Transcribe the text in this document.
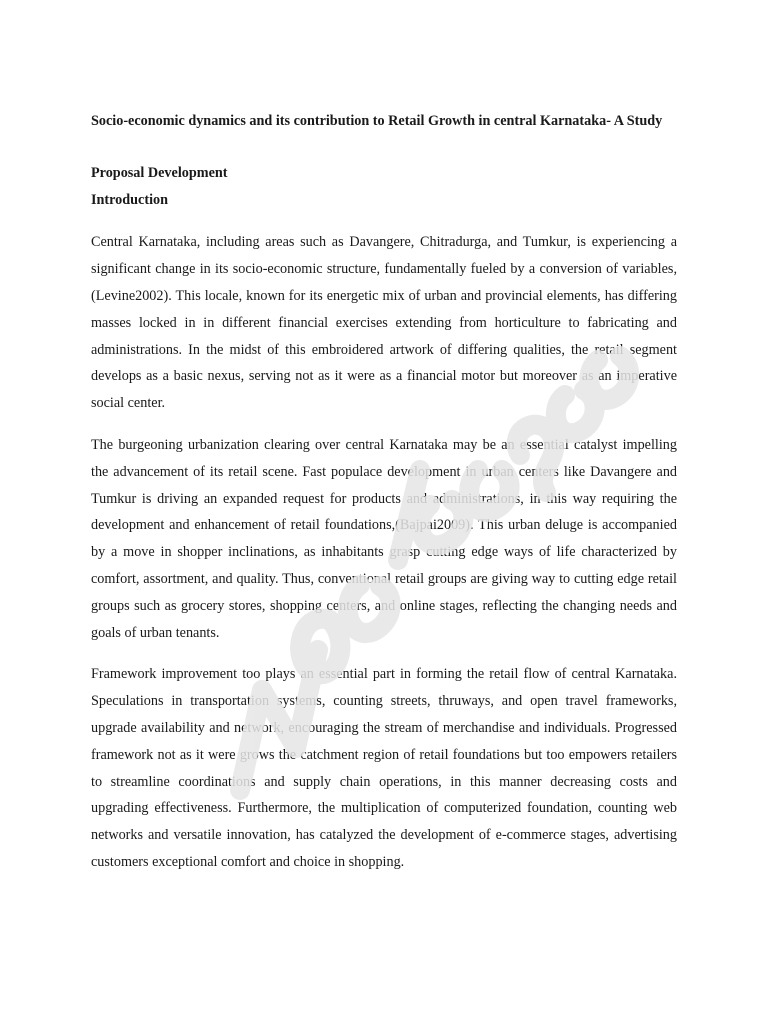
Socio-economic dynamics and its contribution to Retail Growth in central Karnataka- A Study

Proposal Development

Introduction

Central Karnataka, including areas such as Davangere, Chitradurga, and Tumkur, is experiencing a significant change in its socio-economic structure, fundamentally fueled by a conversion of variables,(Levine2002). This locale, known for its energetic mix of urban and provincial elements, has differing masses locked in in different financial exercises extending from horticulture to fabricating and administrations. In the midst of this embroidered artwork of differing qualities, the retail segment develops as a basic nexus, serving not as it were as a financial motor but moreover as an imperative social center.

The burgeoning urbanization clearing over central Karnataka may be an essential catalyst impelling the advancement of its retail scene. Fast populace development in urban centers like Davangere and Tumkur is driving an expanded request for products and administrations, in this way requiring the development and enhancement of retail foundations,(Bajpai2009). This urban deluge is accompanied by a move in shopper inclinations, as inhabitants grasp cutting edge ways of life characterized by comfort, assortment, and quality. Thus, conventional retail groups are giving way to cutting edge retail groups such as grocery stores, shopping centers, and online stages, reflecting the changing needs and goals of urban tenants.

Framework improvement too plays an essential part in forming the retail flow of central Karnataka. Speculations in transportation systems, counting streets, thruways, and open travel frameworks, upgrade availability and network, encouraging the stream of merchandise and individuals. Progressed framework not as it were grows the catchment region of retail foundations but too empowers retailers to streamline coordinations and supply chain operations, in this manner decreasing costs and upgrading effectiveness. Furthermore, the multiplication of computerized foundation, counting web networks and versatile innovation, has catalyzed the development of e-commerce stages, advertising customers exceptional comfort and choice in shopping.
